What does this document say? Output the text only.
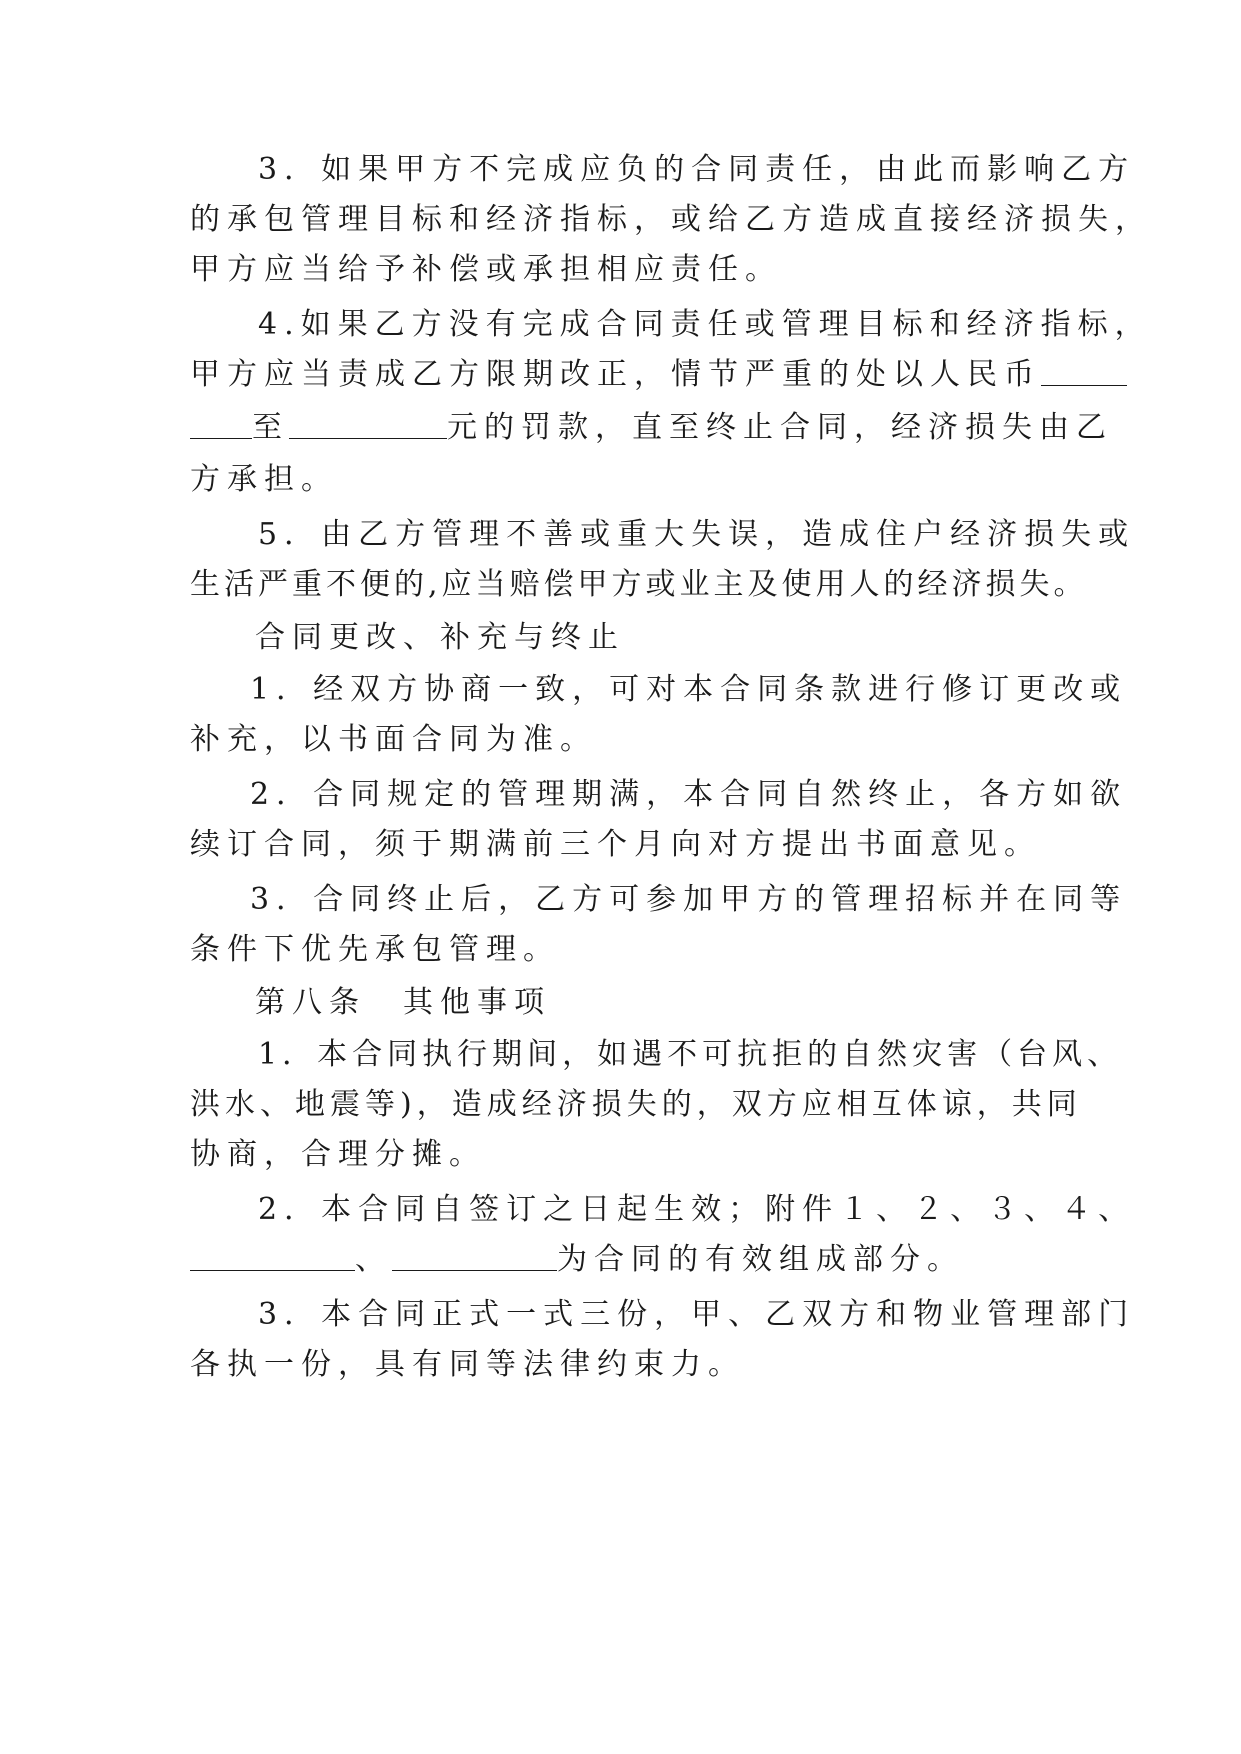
3．如果甲方不完成应负的合同责任，由此而影响乙方
的承包管理目标和经济指标，或给乙方造成直接经济损失，
甲方应当给予补偿或承担相应责任。
4.如果乙方没有完成合同责任或管理目标和经济指标，
甲方应当责成乙方限期改正，情节严重的处以人民币
至	元的罚款，直至终止合同，经济损失由乙
方承担。
5．由乙方管理不善或重大失误，造成住户经济损失或
生活严重不便的,应当赔偿甲方或业主及使用人的经济损失。
合同更改、补充与终止
1．经双方协商一致，可对本合同条款进行修订更改或
补充，以书面合同为准。
2．合同规定的管理期满，本合同自然终止，各方如欲
续订合同，须于期满前三个月向对方提出书面意见。
3．合同终止后，乙方可参加甲方的管理招标并在同等
条件下优先承包管理。
第八条　其他事项
1．本合同执行期间，如遇不可抗拒的自然灾害（台风、
洪水、地震等)，造成经济损失的，双方应相互体谅，共同
协商，合理分摊。
2．本合同自签订之日起生效；附件１、２、３、４、
、	为合同的有效组成部分。
3．本合同正式一式三份，甲、乙双方和物业管理部门
各执一份，具有同等法律约束力。
